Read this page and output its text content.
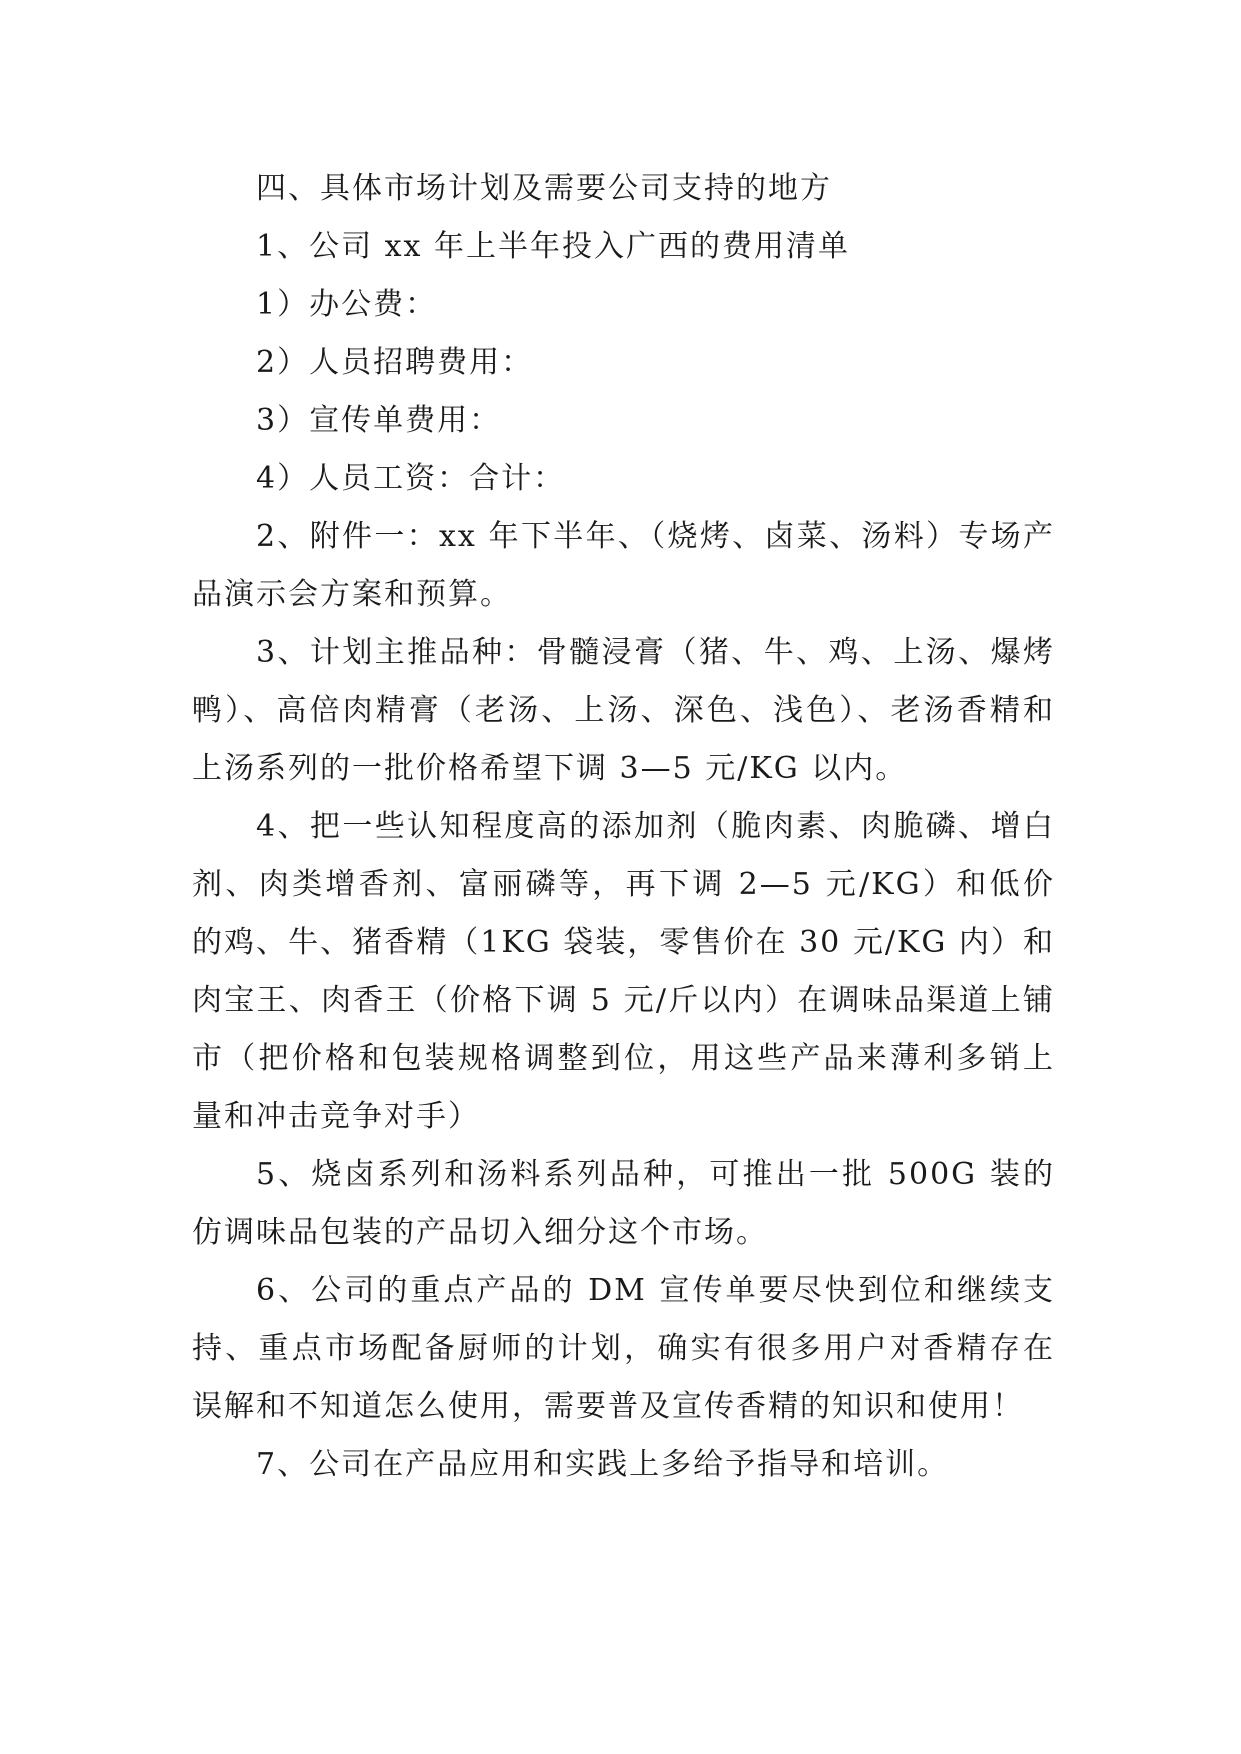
四、具体市场计划及需要公司支持的地方

1、公司 xx 年上半年投入广西的费用清单

1）办公费：

2）人员招聘费用：

3）宣传单费用：

4）人员工资：合计：

2、附件一：xx 年下半年、（烧烤、卤菜、汤料）专场产品演示会方案和预算。

3、计划主推品种：骨髓浸膏（猪、牛、鸡、上汤、爆烤鸭）、高倍肉精膏（老汤、上汤、深色、浅色）、老汤香精和上汤系列的一批价格希望下调 3—5 元/KG 以内。

4、把一些认知程度高的添加剂（脆肉素、肉脆磷、增白剂、肉类增香剂、富丽磷等，再下调 2—5 元/KG）和低价的鸡、牛、猪香精（1KG 袋装，零售价在 30 元/KG 内）和肉宝王、肉香王（价格下调 5 元/斤以内）在调味品渠道上铺市（把价格和包装规格调整到位，用这些产品来薄利多销上量和冲击竞争对手）

5、烧卤系列和汤料系列品种，可推出一批 500G 装的仿调味品包装的产品切入细分这个市场。

6、公司的重点产品的 DM 宣传单要尽快到位和继续支持、重点市场配备厨师的计划，确实有很多用户对香精存在误解和不知道怎么使用，需要普及宣传香精的知识和使用！

7、公司在产品应用和实践上多给予指导和培训。
